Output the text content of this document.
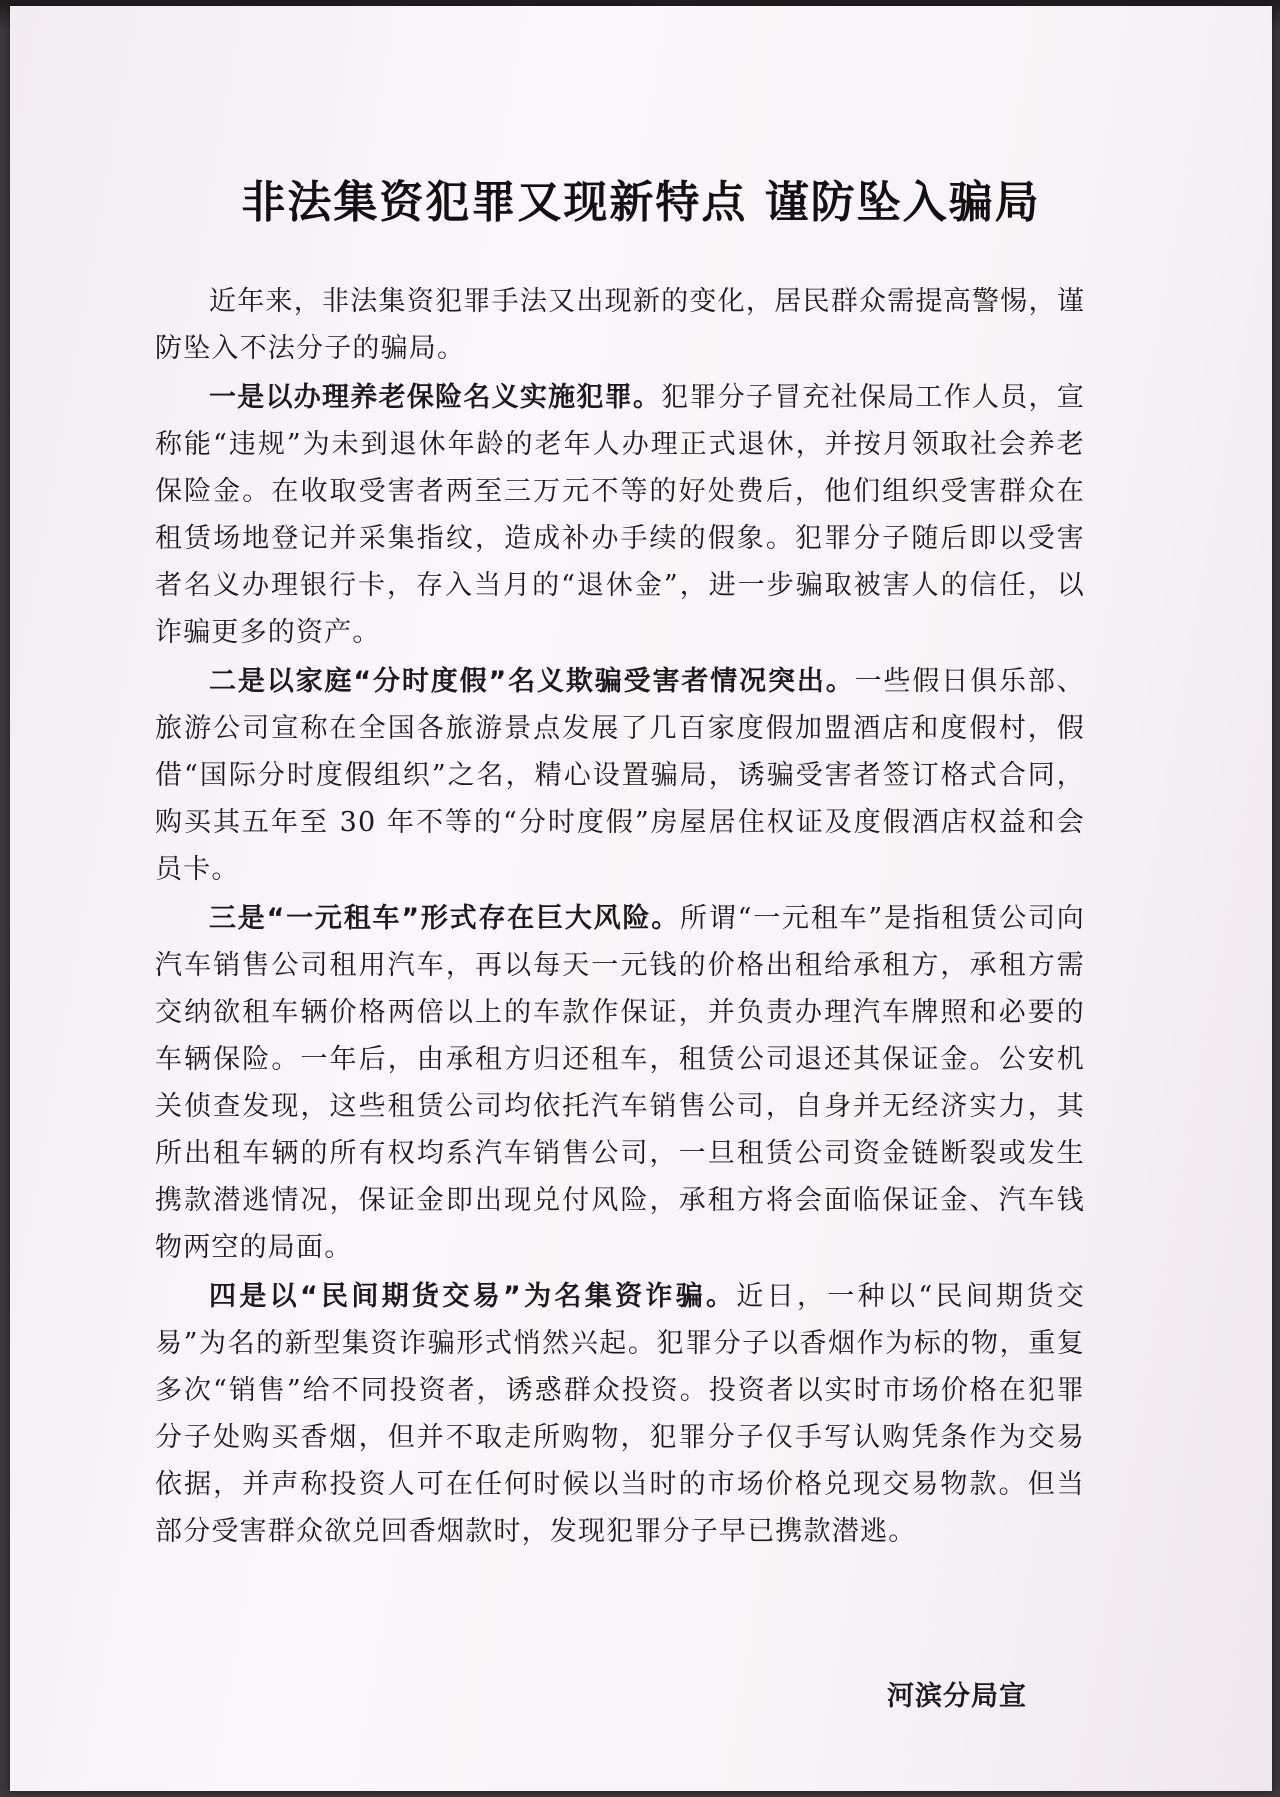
非法集资犯罪又现新特点 谨防坠入骗局

近年来，非法集资犯罪手法又出现新的变化，居民群众需提高警惕，谨防坠入不法分子的骗局。

一是以办理养老保险名义实施犯罪。犯罪分子冒充社保局工作人员，宣称能“违规”为未到退休年龄的老年人办理正式退休，并按月领取社会养老保险金。在收取受害者两至三万元不等的好处费后，他们组织受害群众在租赁场地登记并采集指纹，造成补办手续的假象。犯罪分子随后即以受害者名义办理银行卡，存入当月的“退休金”，进一步骗取被害人的信任，以诈骗更多的资产。

二是以家庭“分时度假”名义欺骗受害者情况突出。一些假日俱乐部、旅游公司宣称在全国各旅游景点发展了几百家度假加盟酒店和度假村，假借“国际分时度假组织”之名，精心设置骗局，诱骗受害者签订格式合同，购买其五年至 30 年不等的“分时度假”房屋居住权证及度假酒店权益和会员卡。

三是“一元租车”形式存在巨大风险。所谓“一元租车”是指租赁公司向汽车销售公司租用汽车，再以每天一元钱的价格出租给承租方，承租方需交纳欲租车辆价格两倍以上的车款作保证，并负责办理汽车牌照和必要的车辆保险。一年后，由承租方归还租车，租赁公司退还其保证金。公安机关侦查发现，这些租赁公司均依托汽车销售公司，自身并无经济实力，其所出租车辆的所有权均系汽车销售公司，一旦租赁公司资金链断裂或发生携款潜逃情况，保证金即出现兑付风险，承租方将会面临保证金、汽车钱物两空的局面。

四是以“民间期货交易”为名集资诈骗。近日，一种以“民间期货交易”为名的新型集资诈骗形式悄然兴起。犯罪分子以香烟作为标的物，重复多次“销售”给不同投资者，诱惑群众投资。投资者以实时市场价格在犯罪分子处购买香烟，但并不取走所购物，犯罪分子仅手写认购凭条作为交易依据，并声称投资人可在任何时候以当时的市场价格兑现交易物款。但当部分受害群众欲兑回香烟款时，发现犯罪分子早已携款潜逃。

河滨分局宣
